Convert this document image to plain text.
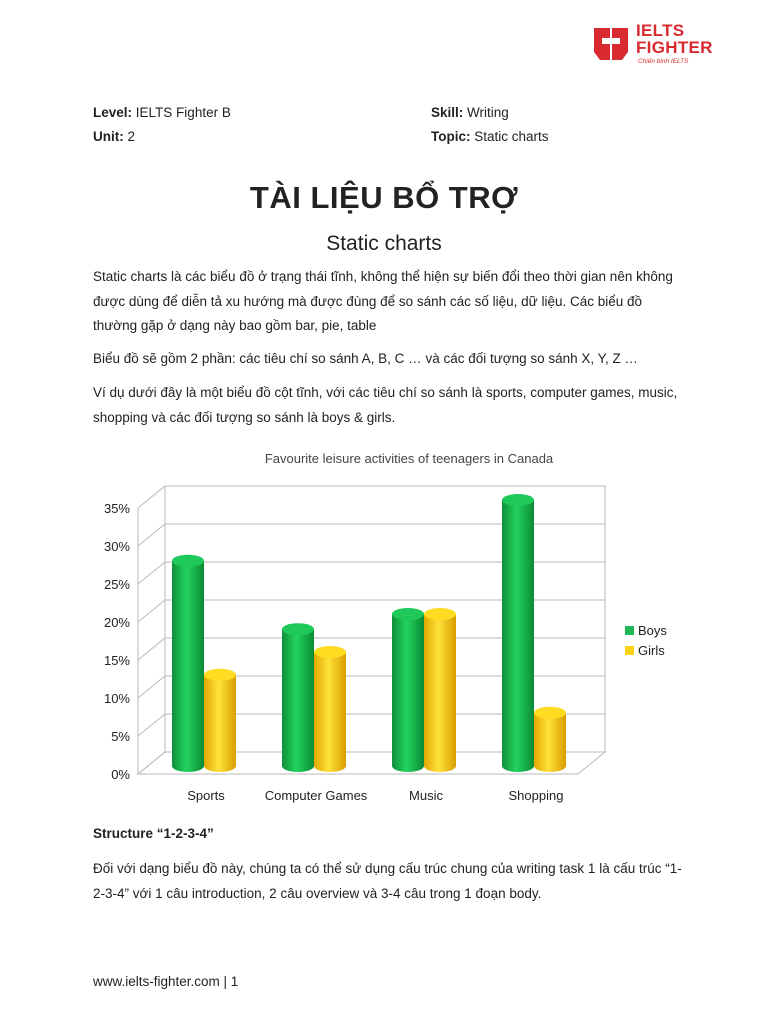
IELTS
FIGHTER
Chiến binh IELTS
Level: IELTS Fighter B
Unit: 2
Skill: Writing
Topic: Static charts
TÀI LIỆU BỔ TRỢ
Static charts
Static charts là các biểu đồ ở trạng thái tĩnh, không thể hiện sự biến đổi theo thời gian nên không được dùng để diễn tả xu hướng mà được đùng để so sánh các số liệu, dữ liệu. Các biểu đồ thường gặp ở dạng này bao gồm bar, pie, table
Biểu đồ sẽ gồm 2 phần: các tiêu chí so sánh A, B, C … và các đối tượng so sánh X, Y, Z …
Ví dụ dưới đây là một biểu đồ cột tĩnh, với các tiêu chí so sánh là sports, computer games, music, shopping và các đối tượng so sánh là boys & girls.
Favourite leisure activities of teenagers in Canada
0%
5%
10%
15%
20%
25%
30%
35%
Sports	Computer Games	Music	Shopping
Boys
Girls
Structure “1-2-3-4”
Đối với dạng biểu đồ này, chúng ta có thể sử dụng cấu trúc chung của writing task 1 là cấu trúc “1-2-3-4” với 1 câu introduction, 2 câu overview và 3-4 câu trong 1 đoạn body.
www.ielts-fighter.com | 1
